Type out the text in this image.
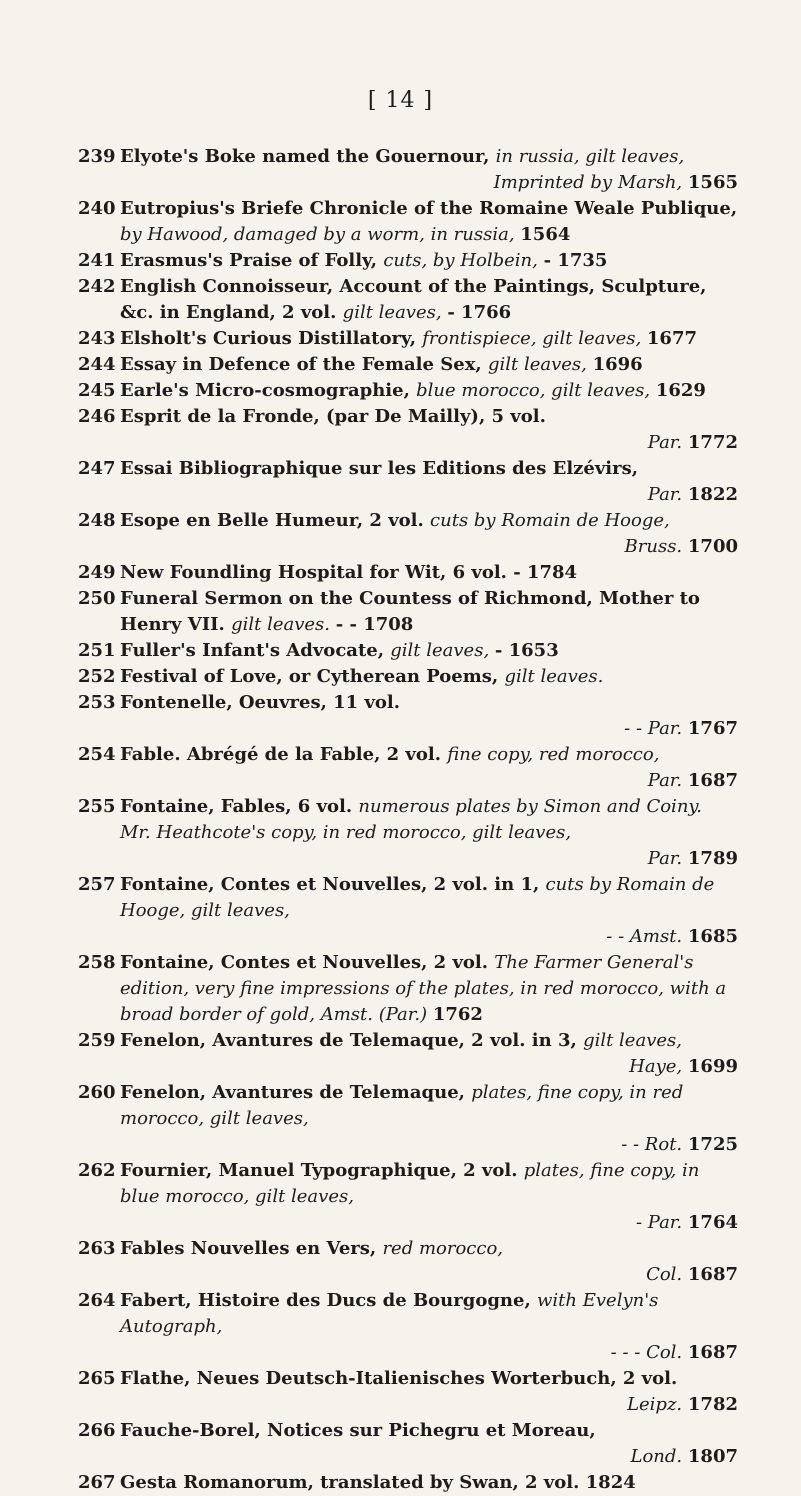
[ 14 ]
239 Elyote's Boke named the Gouernour, in russia, gilt leaves,
Imprinted by Marsh, 1565
240 Eutropius's Briefe Chronicle of the Romaine Weale Publique, by Hawood, damaged by a worm, in russia, 1564
241 Erasmus's Praise of Folly, cuts, by Holbein, - 1735
242 English Connoisseur, Account of the Paintings, Sculpture, &c. in England, 2 vol. gilt leaves, - 1766
243 Elsholt's Curious Distillatory, frontispiece, gilt leaves, 1677
244 Essay in Defence of the Female Sex, gilt leaves, 1696
245 Earle's Micro-cosmographie, blue morocco, gilt leaves, 1629
246 Esprit de la Fronde, (par De Mailly), 5 vol.
Par. 1772
247 Essai Bibliographique sur les Editions des Elzévirs,
Par. 1822
248 Esope en Belle Humeur, 2 vol. cuts by Romain de Hooge,
Bruss. 1700
249 New Foundling Hospital for Wit, 6 vol. - 1784
250 Funeral Sermon on the Countess of Richmond, Mother to Henry VII. gilt leaves. - - 1708
251 Fuller's Infant's Advocate, gilt leaves, - 1653
252 Festival of Love, or Cytherean Poems, gilt leaves.
253 Fontenelle, Oeuvres, 11 vol.
- - Par. 1767
254 Fable. Abrégé de la Fable, 2 vol. fine copy, red morocco,
Par. 1687
255 Fontaine, Fables, 6 vol. numerous plates by Simon and Coiny. Mr. Heathcote's copy, in red morocco, gilt leaves,
Par. 1789
257 Fontaine, Contes et Nouvelles, 2 vol. in 1, cuts by Romain de Hooge, gilt leaves,
- - Amst. 1685
258 Fontaine, Contes et Nouvelles, 2 vol. The Farmer General's edition, very fine impressions of the plates, in red morocco, with a broad border of gold, Amst. (Par.) 1762
259 Fenelon, Avantures de Telemaque, 2 vol. in 3, gilt leaves,
Haye, 1699
260 Fenelon, Avantures de Telemaque, plates, fine copy, in red morocco, gilt leaves,
- - Rot. 1725
262 Fournier, Manuel Typographique, 2 vol. plates, fine copy, in blue morocco, gilt leaves,
- Par. 1764
263 Fables Nouvelles en Vers, red morocco,
Col. 1687
264 Fabert, Histoire des Ducs de Bourgogne, with Evelyn's Autograph,
- - - Col. 1687
265 Flathe, Neues Deutsch-Italienisches Worterbuch, 2 vol.
Leipz. 1782
266 Fauche-Borel, Notices sur Pichegru et Moreau,
Lond. 1807
267 Gesta Romanorum, translated by Swan, 2 vol. 1824
